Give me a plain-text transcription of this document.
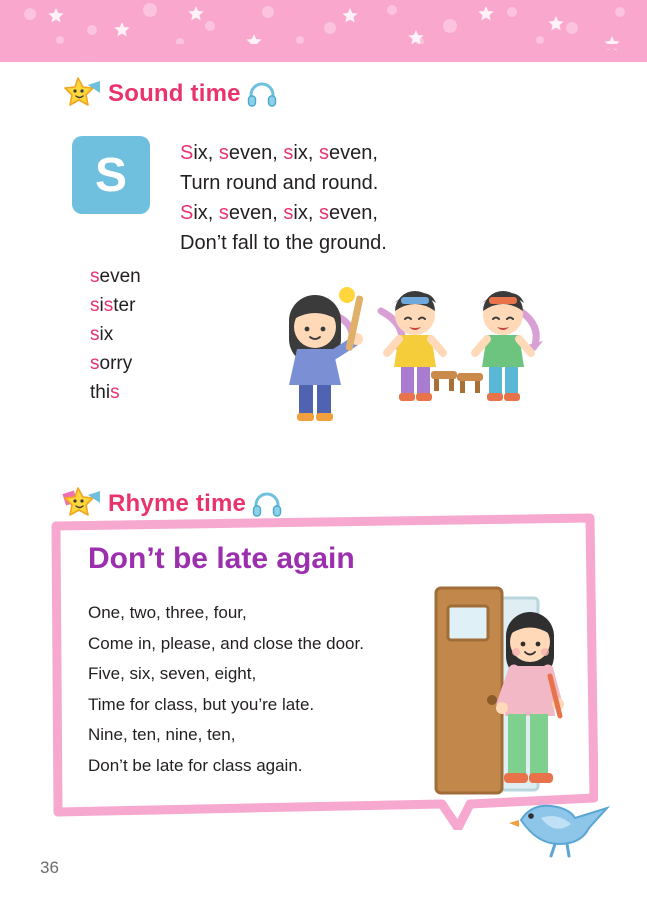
Sound time
S	Six, seven, six, seven,
Turn round and round.
Six, seven, six, seven,
Don’t fall to the ground.
seven
sister
six
sorry
this
Rhyme time
Don’t be late again
One, two, three, four,
Come in, please, and close the door.
Five, six, seven, eight,
Time for class, but you’re late.
Nine, ten, nine, ten,
Don’t be late for class again.
36
